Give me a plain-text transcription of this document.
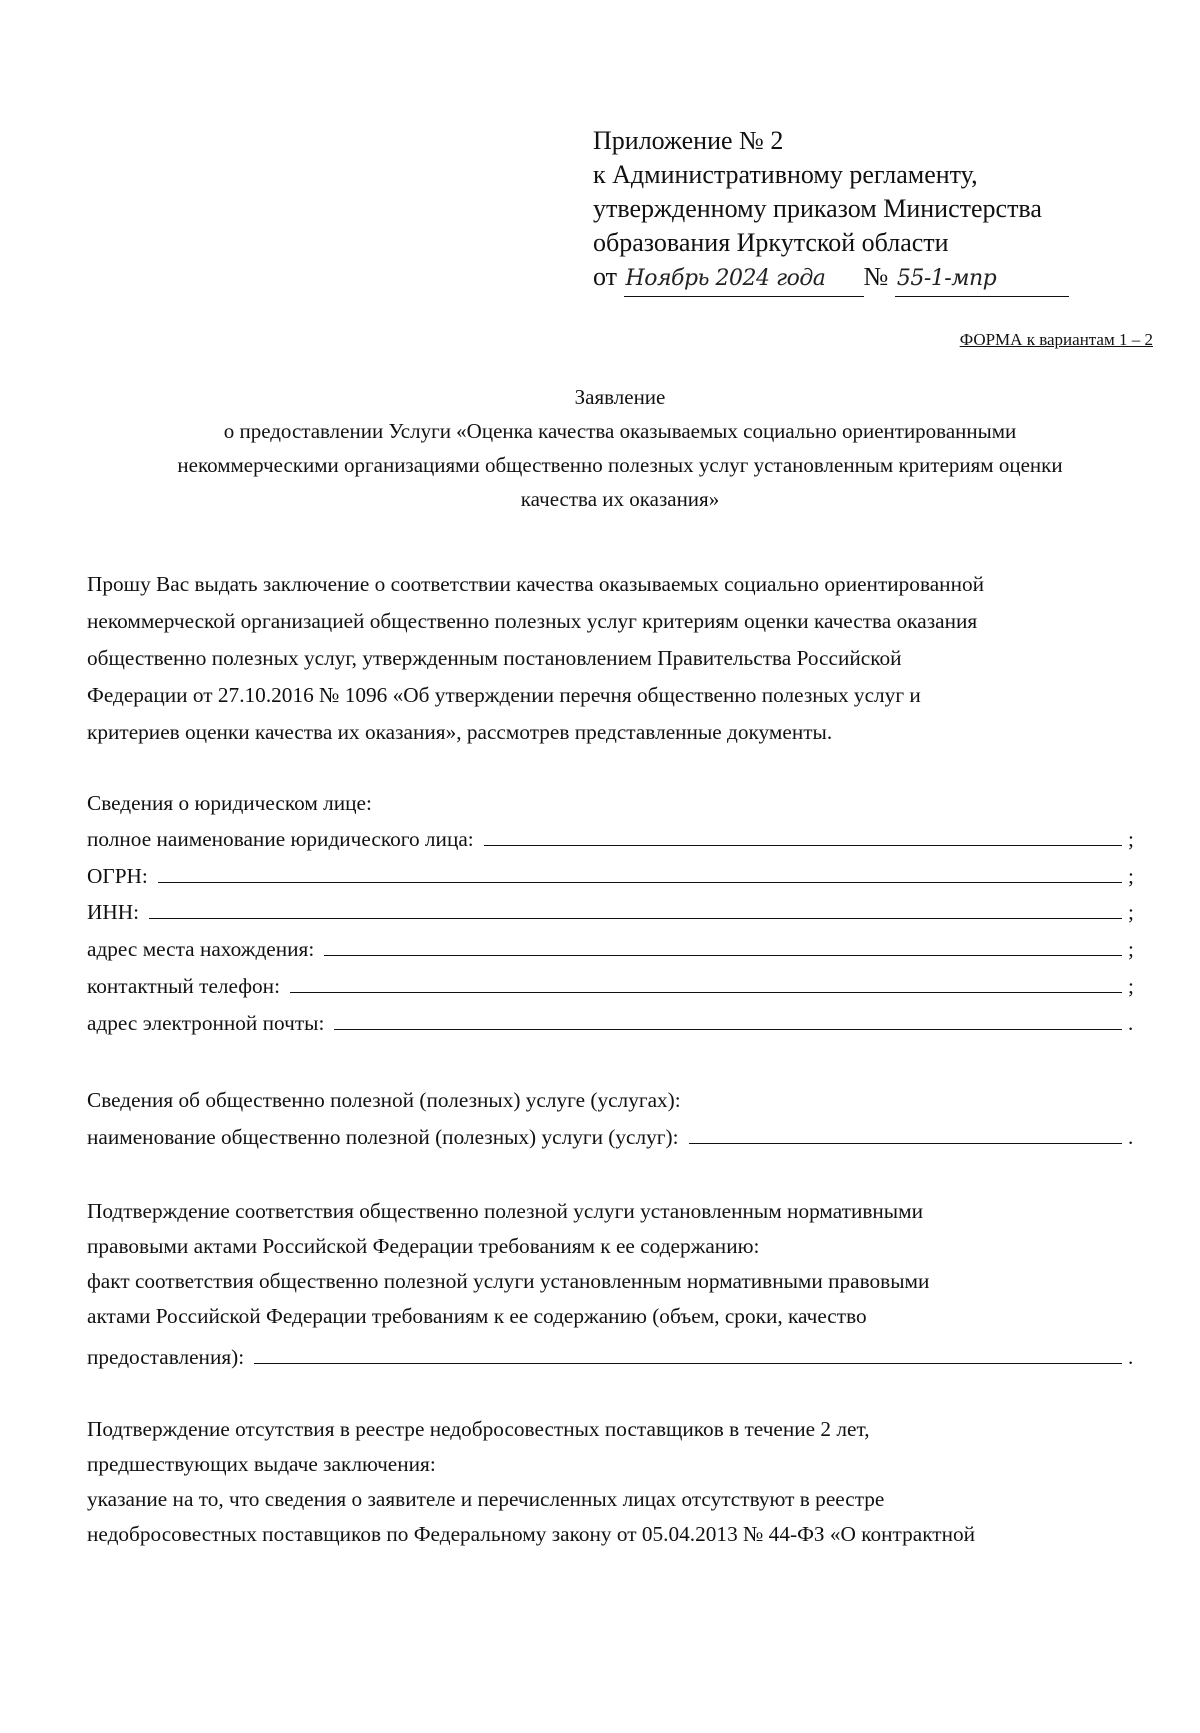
Приложение № 2
к Административному регламенту,
утвержденному приказом Министерства
образования Иркутской области
от Ноябрь 2024 года № 55-1-мпр
ФОРМА к вариантам 1 – 2
Заявление
о предоставлении Услуги «Оценка качества оказываемых социально ориентированными
некоммерческими организациями общественно полезных услуг установленным критериям оценки
качества их оказания»
Прошу Вас выдать заключение о соответствии качества оказываемых социально ориентированной
некоммерческой организацией общественно полезных услуг критериям оценки качества оказания
общественно полезных услуг, утвержденным постановлением Правительства Российской
Федерации от 27.10.2016 № 1096 «Об утверждении перечня общественно полезных услуг и
критериев оценки качества их оказания», рассмотрев представленные документы.
Сведения о юридическом лице:
полное наименование юридического лица:	;
ОГРН:	;
ИНН:	;
адрес места нахождения:	;
контактный телефон:	;
адрес электронной почты:	.
Сведения об общественно полезной (полезных) услуге (услугах):
наименование общественно полезной (полезных) услуги (услуг):	.
Подтверждение соответствия общественно полезной услуги установленным нормативными
правовыми актами Российской Федерации требованиям к ее содержанию:
факт соответствия общественно полезной услуги установленным нормативными правовыми
актами Российской Федерации требованиям к ее содержанию (объем, сроки, качество
предоставления):	.
Подтверждение отсутствия в реестре недобросовестных поставщиков в течение 2 лет,
предшествующих выдаче заключения:
указание на то, что сведения о заявителе и перечисленных лицах отсутствуют в реестре
недобросовестных поставщиков по Федеральному закону от 05.04.2013 № 44-ФЗ «О контрактной
